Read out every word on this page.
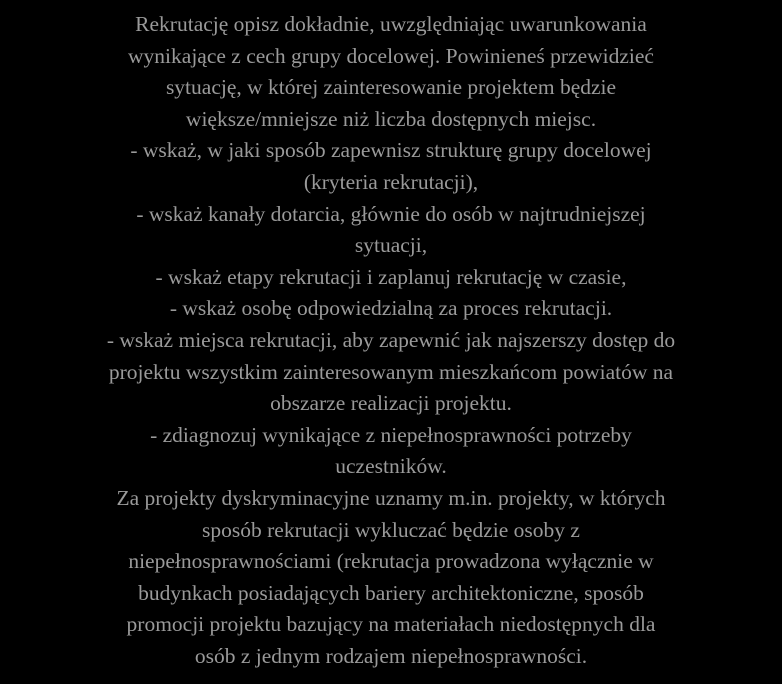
Rekrutację opisz dokładnie, uwzględniając uwarunkowania
wynikające z cech grupy docelowej. Powinieneś przewidzieć
sytuację, w której zainteresowanie projektem będzie
większe/mniejsze niż liczba dostępnych miejsc.
- wskaż, w jaki sposób zapewnisz strukturę grupy docelowej
(kryteria rekrutacji),
- wskaż kanały dotarcia, głównie do osób w najtrudniejszej
sytuacji,
- wskaż etapy rekrutacji i zaplanuj rekrutację w czasie,
- wskaż osobę odpowiedzialną za proces rekrutacji.
- wskaż miejsca rekrutacji, aby zapewnić jak najszerszy dostęp do
projektu wszystkim zainteresowanym mieszkańcom powiatów na
obszarze realizacji projektu.
- zdiagnozuj wynikające z niepełnosprawności potrzeby
uczestników.
Za projekty dyskryminacyjne uznamy m.in. projekty, w których
sposób rekrutacji wykluczać będzie osoby z
niepełnosprawnościami (rekrutacja prowadzona wyłącznie w
budynkach posiadających bariery architektoniczne, sposób
promocji projektu bazujący na materiałach niedostępnych dla
osób z jednym rodzajem niepełnosprawności.
